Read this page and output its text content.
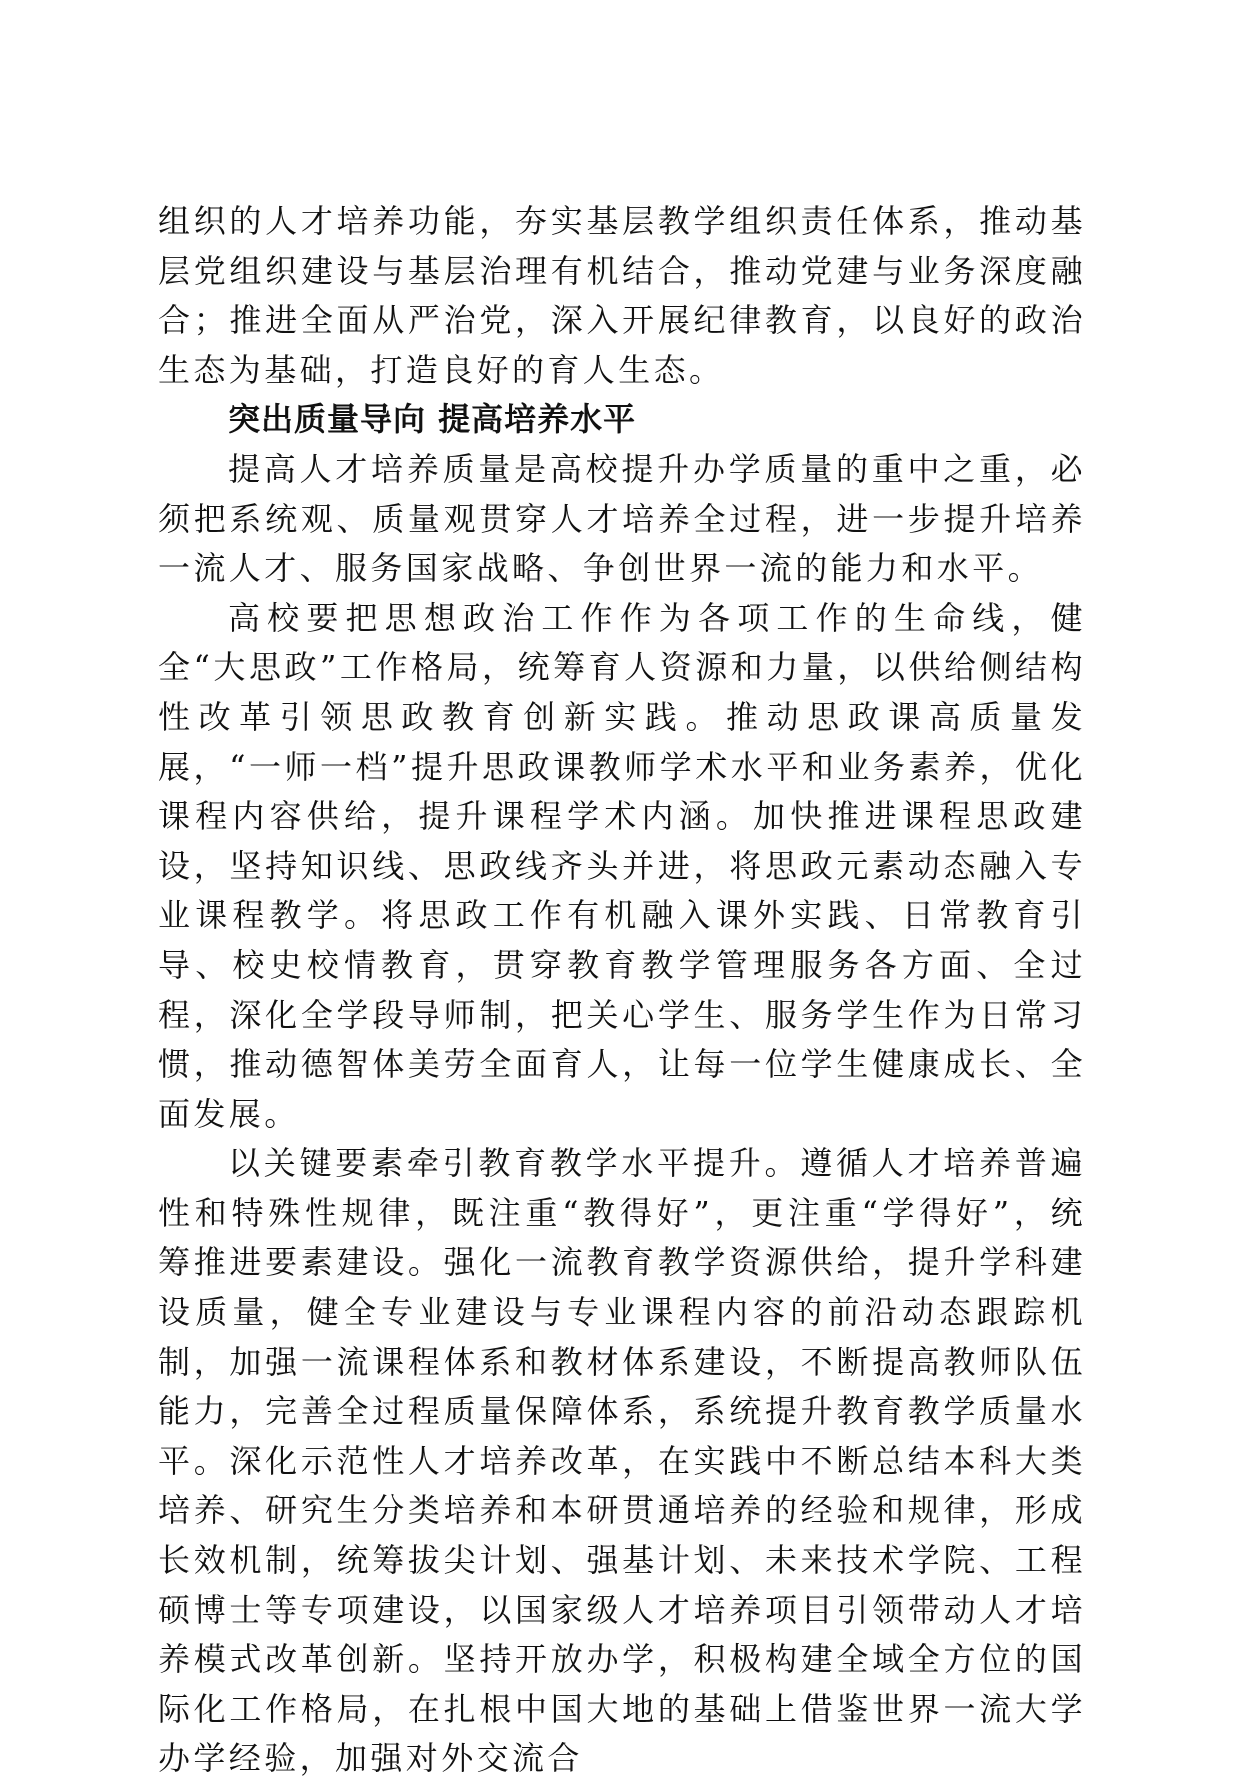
组织的人才培养功能，夯实基层教学组织责任体系，推动基层党组织建设与基层治理有机结合，推动党建与业务深度融合；推进全面从严治党，深入开展纪律教育，以良好的政治生态为基础，打造良好的育人生态。

突出质量导向 提高培养水平

提高人才培养质量是高校提升办学质量的重中之重，必须把系统观、质量观贯穿人才培养全过程，进一步提升培养一流人才、服务国家战略、争创世界一流的能力和水平。

高校要把思想政治工作作为各项工作的生命线，健全“大思政”工作格局，统筹育人资源和力量，以供给侧结构性改革引领思政教育创新实践。推动思政课高质量发展，“一师一档”提升思政课教师学术水平和业务素养，优化课程内容供给，提升课程学术内涵。加快推进课程思政建设，坚持知识线、思政线齐头并进，将思政元素动态融入专业课程教学。将思政工作有机融入课外实践、日常教育引导、校史校情教育，贯穿教育教学管理服务各方面、全过程，深化全学段导师制，把关心学生、服务学生作为日常习惯，推动德智体美劳全面育人，让每一位学生健康成长、全面发展。

以关键要素牵引教育教学水平提升。遵循人才培养普遍性和特殊性规律，既注重“教得好”，更注重“学得好”，统筹推进要素建设。强化一流教育教学资源供给，提升学科建设质量，健全专业建设与专业课程内容的前沿动态跟踪机制，加强一流课程体系和教材体系建设，不断提高教师队伍能力，完善全过程质量保障体系，系统提升教育教学质量水平。深化示范性人才培养改革，在实践中不断总结本科大类培养、研究生分类培养和本研贯通培养的经验和规律，形成长效机制，统筹拔尖计划、强基计划、未来技术学院、工程硕博士等专项建设，以国家级人才培养项目引领带动人才培养模式改革创新。坚持开放办学，积极构建全域全方位的国际化工作格局，在扎根中国大地的基础上借鉴世界一流大学办学经验，加强对外交流合
